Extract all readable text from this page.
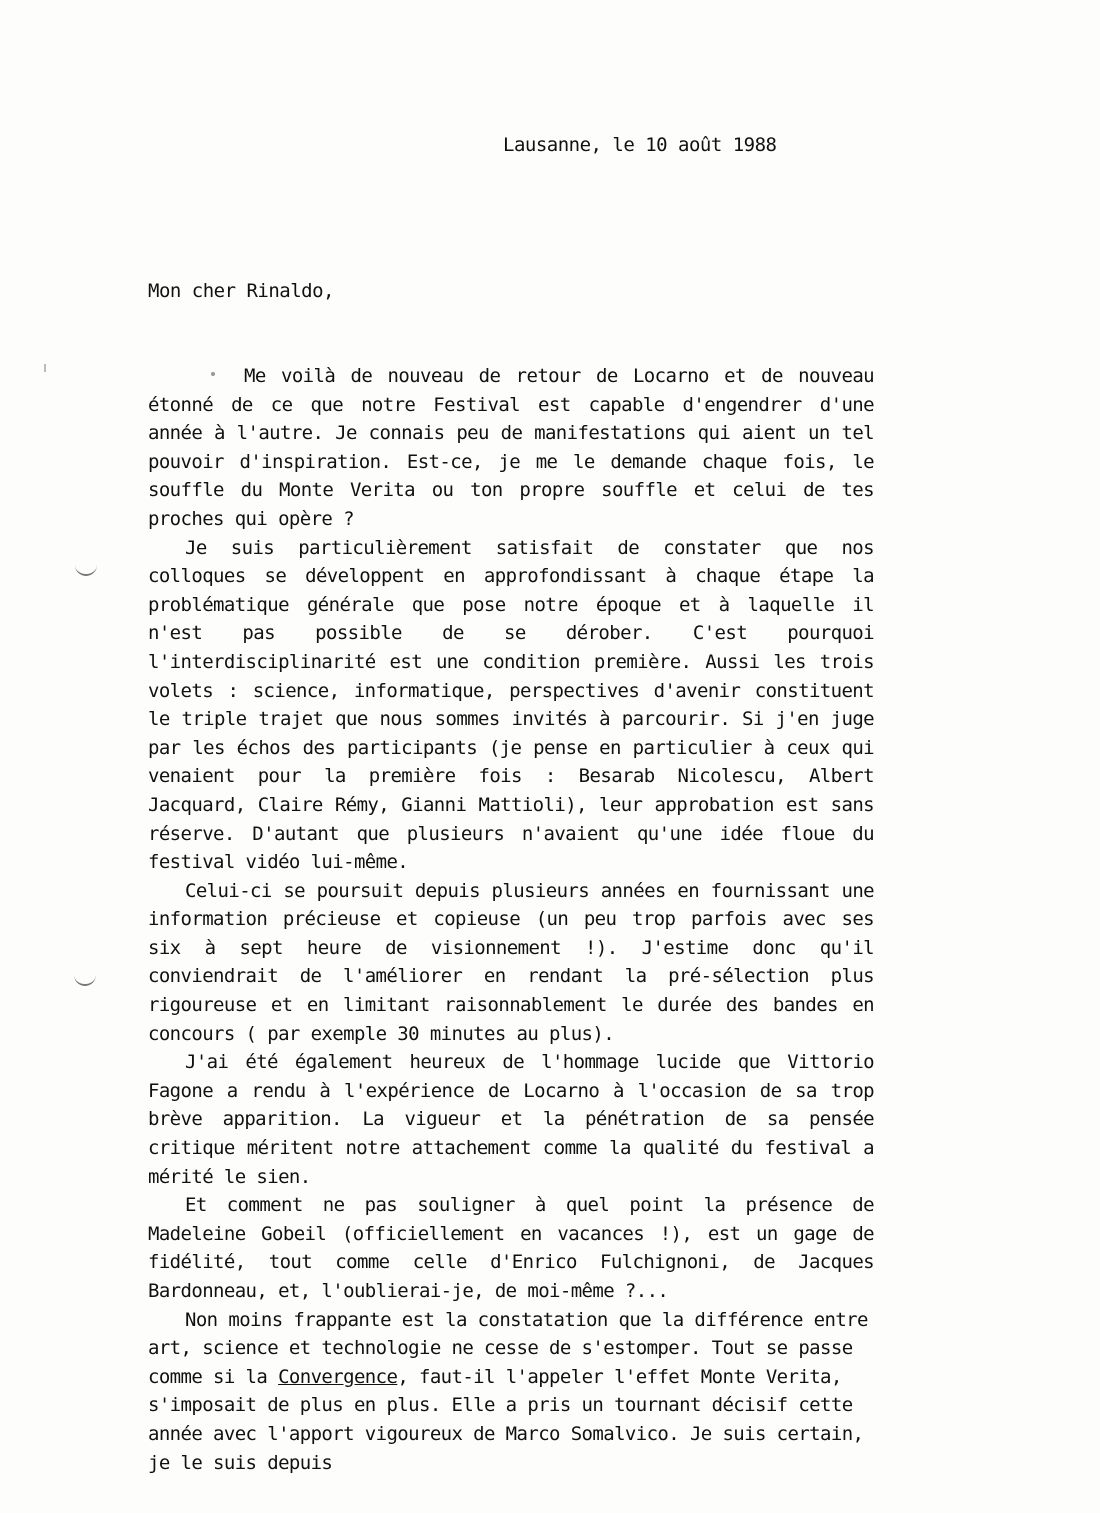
Lausanne, le 10 août 1988
Mon cher Rinaldo,

Me voilà de nouveau de retour de Locarno et de nouveau étonné de ce que notre Festival est capable d'engendrer d'une année à l'autre. Je connais peu de manifestations qui aient un tel pouvoir d'inspiration. Est-ce, je me le demande chaque fois, le souffle du Monte Verita ou ton propre souffle et celui de tes proches qui opère ?

Je suis particulièrement satisfait de constater que nos colloques se développent en approfondissant à chaque étape la problématique générale que pose notre époque et à laquelle il n'est pas possible de se dérober. C'est pourquoi l'interdisciplinarité est une condition première. Aussi les trois volets : science, informatique, perspectives d'avenir constituent le triple trajet que nous sommes invités à parcourir. Si j'en juge par les échos des participants (je pense en particulier à ceux qui venaient pour la première fois : Besarab Nicolescu, Albert Jacquard, Claire Rémy, Gianni Mattioli), leur approbation est sans réserve. D'autant que plusieurs n'avaient qu'une idée floue du festival vidéo lui-même.

Celui-ci se poursuit depuis plusieurs années en fournissant une information précieuse et copieuse (un peu trop parfois avec ses six à sept heure de visionnement !). J'estime donc qu'il conviendrait de l'améliorer en rendant la pré-sélection plus rigoureuse et en limitant raisonnablement le durée des bandes en concours ( par exemple 30 minutes au plus).

J'ai été également heureux de l'hommage lucide que Vittorio Fagone a rendu à l'expérience de Locarno à l'occasion de sa trop brève apparition. La vigueur et la pénétration de sa pensée critique méritent notre attachement comme la qualité du festival a mérité le sien.

Et comment ne pas souligner à quel point la présence de Madeleine Gobeil (officiellement en vacances !), est un gage de fidélité, tout comme celle d'Enrico Fulchignoni, de Jacques Bardonneau, et, l'oublierai-je, de moi-même ?...

Non moins frappante est la constatation que la différence entre art, science et technologie ne cesse de s'estomper. Tout se passe comme si la Convergence, faut-il l'appeler l'effet Monte Verita, s'imposait de plus en plus. Elle a pris un tournant décisif cette année avec l'apport vigoureux de Marco Somalvico. Je suis certain, je le suis depuis
